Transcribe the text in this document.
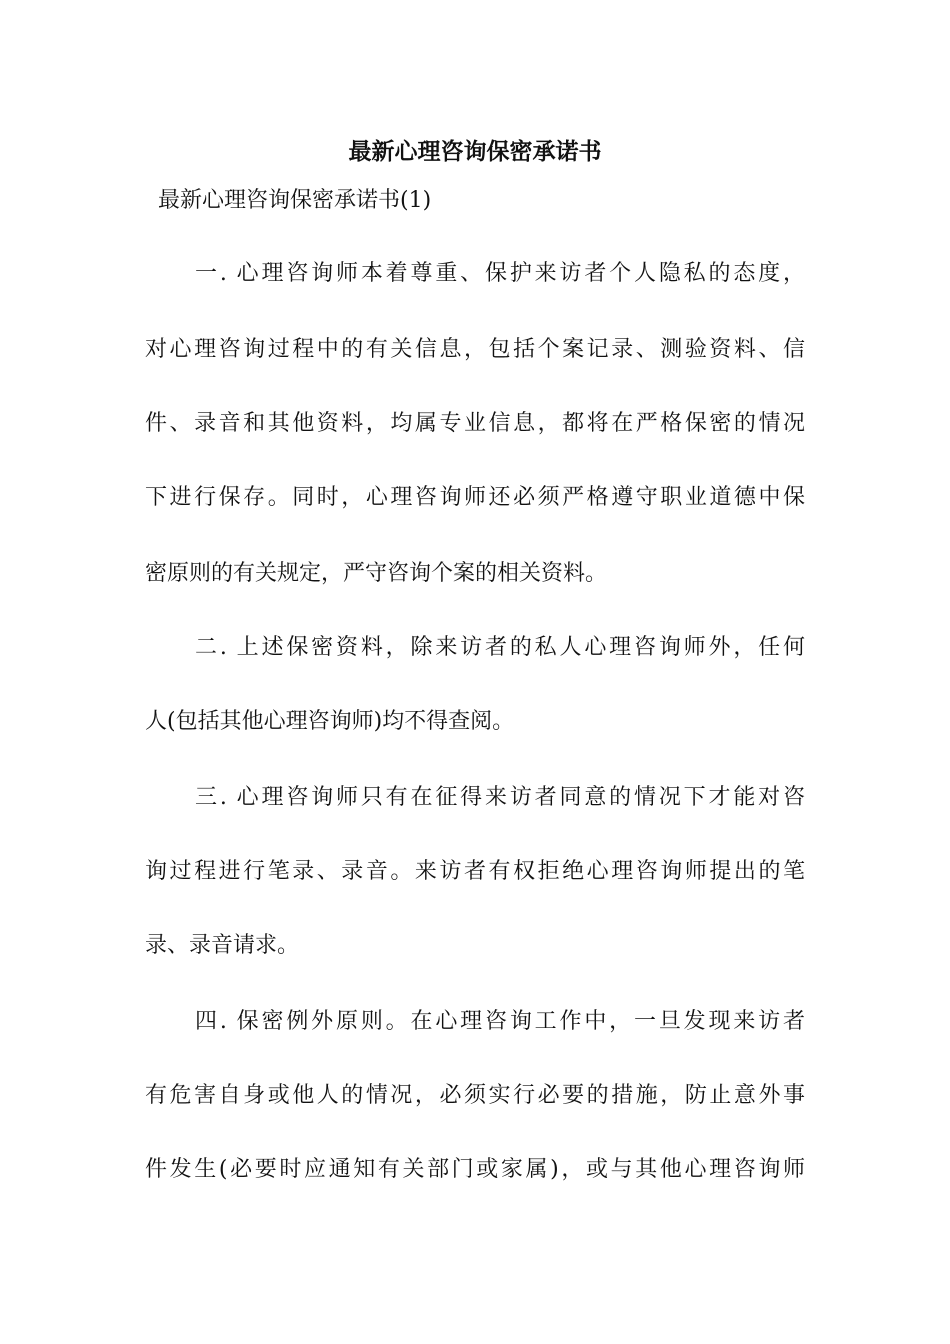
最新心理咨询保密承诺书
最新心理咨询保密承诺书(1)
一. 心理咨询师本着尊重、保护来访者个人隐私的态度，
对心理咨询过程中的有关信息，包括个案记录、测验资料、信
件、录音和其他资料，均属专业信息，都将在严格保密的情况
下进行保存。同时，心理咨询师还必须严格遵守职业道德中保
密原则的有关规定，严守咨询个案的相关资料。
二. 上述保密资料，除来访者的私人心理咨询师外，任何
人(包括其他心理咨询师)均不得查阅。
三. 心理咨询师只有在征得来访者同意的情况下才能对咨
询过程进行笔录、录音。来访者有权拒绝心理咨询师提出的笔
录、录音请求。
四. 保密例外原则。在心理咨询工作中，一旦发现来访者
有危害自身或他人的情况，必须实行必要的措施，防止意外事
件发生(必要时应通知有关部门或家属)，或与其他心理咨询师
